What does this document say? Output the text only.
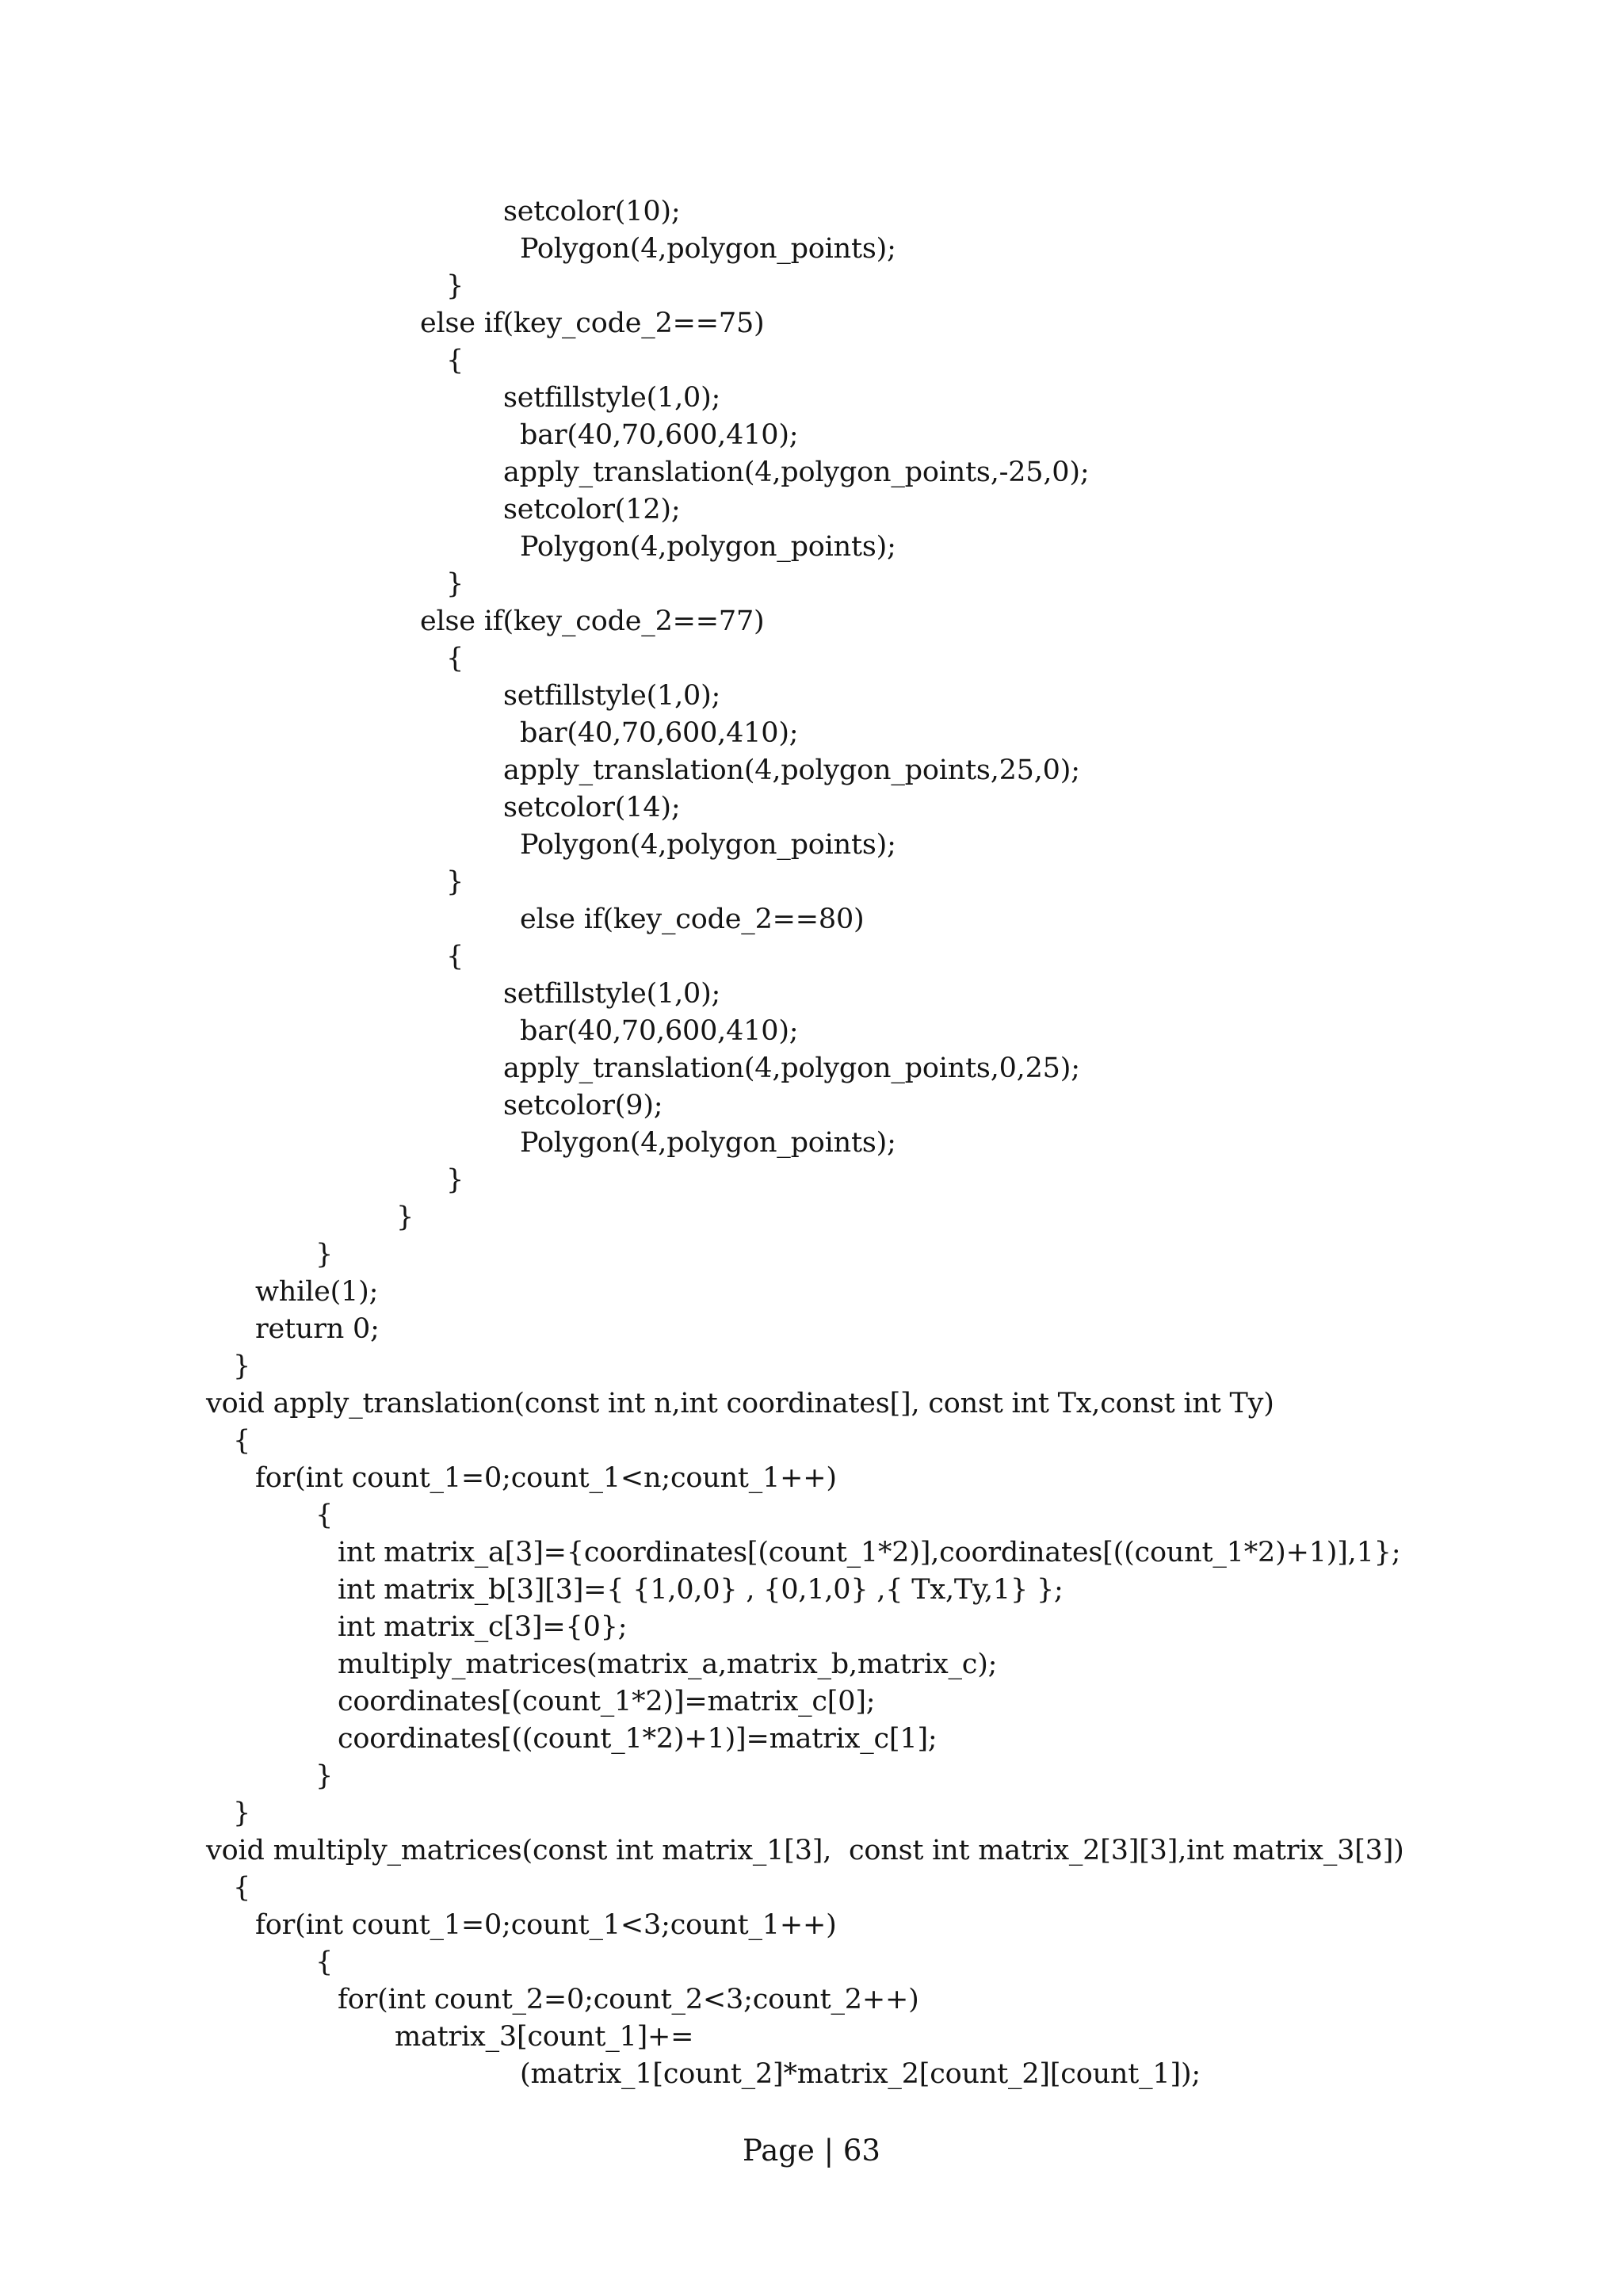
setcolor(10);
Polygon(4,polygon_points);
}
else if(key_code_2==75)
{
setfillstyle(1,0);
bar(40,70,600,410);
apply_translation(4,polygon_points,-25,0);
setcolor(12);
Polygon(4,polygon_points);
}
else if(key_code_2==77)
{
setfillstyle(1,0);
bar(40,70,600,410);
apply_translation(4,polygon_points,25,0);
setcolor(14);
Polygon(4,polygon_points);
}
else if(key_code_2==80)
{
setfillstyle(1,0);
bar(40,70,600,410);
apply_translation(4,polygon_points,0,25);
setcolor(9);
Polygon(4,polygon_points);
}
}
}
while(1);
return 0;
}
void apply_translation(const int n,int coordinates[], const int Tx,const int Ty)
{
for(int count_1=0;count_1<n;count_1++)
{
int matrix_a[3]={coordinates[(count_1*2)],coordinates[((count_1*2)+1)],1};
int matrix_b[3][3]={ {1,0,0} , {0,1,0} ,{ Tx,Ty,1} };
int matrix_c[3]={0};
multiply_matrices(matrix_a,matrix_b,matrix_c);
coordinates[(count_1*2)]=matrix_c[0];
coordinates[((count_1*2)+1)]=matrix_c[1];
}
}
void multiply_matrices(const int matrix_1[3],  const int matrix_2[3][3],int matrix_3[3])
{
for(int count_1=0;count_1<3;count_1++)
{
for(int count_2=0;count_2<3;count_2++)
matrix_3[count_1]+=
(matrix_1[count_2]*matrix_2[count_2][count_1]);
Page | 63
